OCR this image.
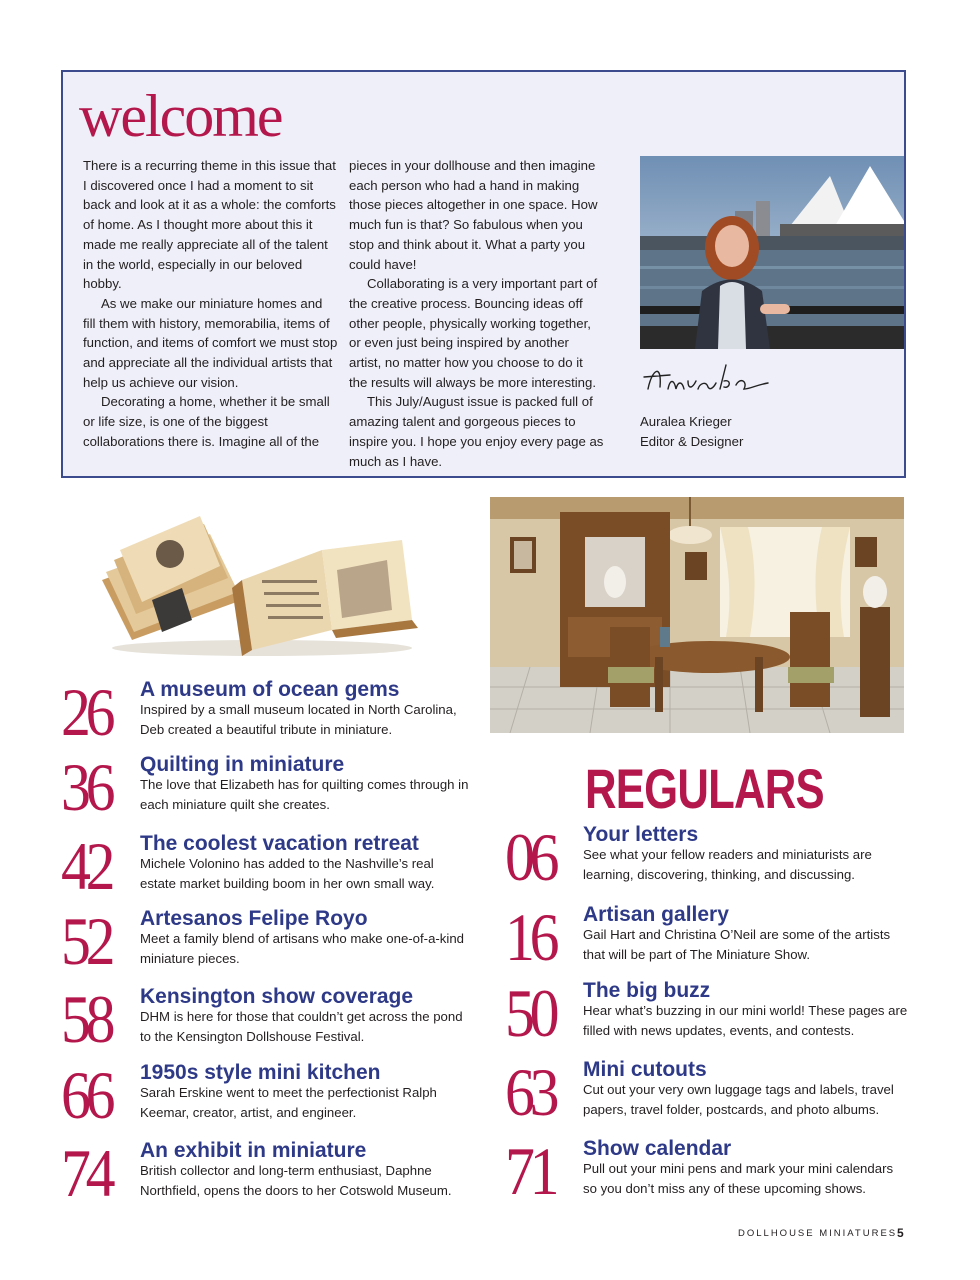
welcome

There is a recurring theme in this issue that I discovered once I had a moment to sit back and look at it as a whole: the comforts of home. As I thought more about this it made me really appreciate all of the talent in the world, especially in our beloved hobby.

As we make our miniature homes and fill them with history, memorabilia, items of function, and items of comfort we must stop and appreciate all the individual artists that help us achieve our vision.

Decorating a home, whether it be small or life size, is one of the biggest collaborations there is. Imagine all of the

pieces in your dollhouse and then imagine each person who had a hand in making those pieces altogether in one space. How much fun is that? So fabulous when you stop and think about it. What a party you could have!

Collaborating is a very important part of the creative process. Bouncing ideas off other people, physically working together, or even just being inspired by another artist, no matter how you choose to do it the results will always be more interesting.

This July/August issue is packed full of amazing talent and gorgeous pieces to inspire you. I hope you enjoy every page as much as I have.

Auralea Krieger
Editor & Designer
26 A museum of ocean gems
Inspired by a small museum located in North Carolina, Deb created a beautiful tribute in miniature.
36 Quilting in miniature
The love that Elizabeth has for quilting comes through in each miniature quilt she creates.
42 The coolest vacation retreat
Michele Volonino has added to the Nashville’s real estate market building boom in her own small way.
52 Artesanos Felipe Royo
Meet a family blend of artisans who make one-of-a-kind miniature pieces.
58 Kensington show coverage
DHM is here for those that couldn’t get across the pond to the Kensington Dollshouse Festival.
66 1950s style mini kitchen
Sarah Erskine went to meet the perfectionist Ralph Keemar, creator, artist, and engineer.
74 An exhibit in miniature
British collector and long-term enthusiast, Daphne Northfield, opens the doors to her Cotswold Museum.
REGULARS
06 Your letters
See what your fellow readers and miniaturists are learning, discovering, thinking, and discussing.
16 Artisan gallery
Gail Hart and Christina O’Neil are some of the artists that will be part of The Miniature Show.
50 The big buzz
Hear what’s buzzing in our mini world! These pages are filled with news updates, events, and contests.
63 Mini cutouts
Cut out your very own luggage tags and labels, travel papers, travel folder, postcards, and photo albums.
71 Show calendar
Pull out your mini pens and mark your mini calendars so you don’t miss any of these upcoming shows.
DOLLHOUSE MINIATURES 5
